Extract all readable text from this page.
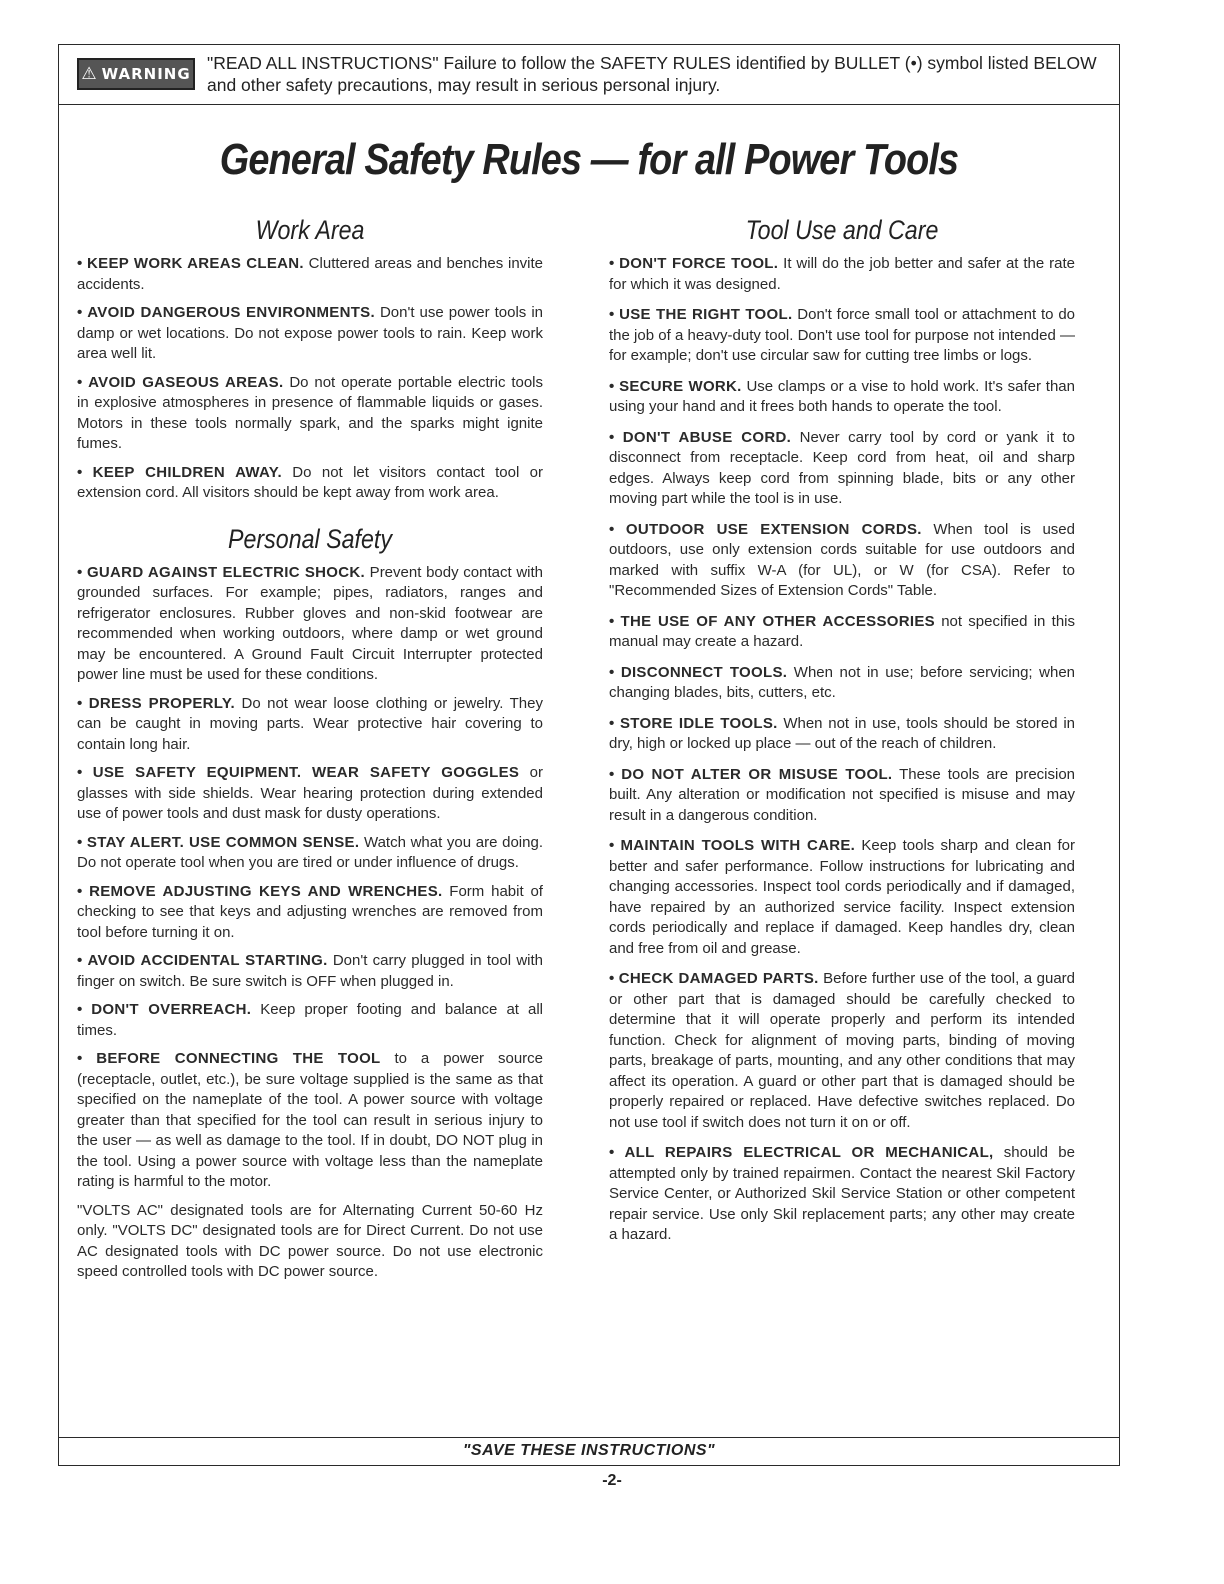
⚠ WARNING
"READ ALL INSTRUCTIONS" Failure to follow the SAFETY RULES identified by BULLET (•) symbol listed BELOW and other safety precautions, may result in serious personal injury.
General Safety Rules — for all Power Tools
Work Area

• KEEP WORK AREAS CLEAN. Cluttered areas and benches invite accidents.

• AVOID DANGEROUS ENVIRONMENTS. Don't use power tools in damp or wet locations. Do not expose power tools to rain. Keep work area well lit.

• AVOID GASEOUS AREAS. Do not operate portable electric tools in explosive atmospheres in presence of flammable liquids or gases. Motors in these tools normally spark, and the sparks might ignite fumes.

• KEEP CHILDREN AWAY. Do not let visitors contact tool or extension cord. All visitors should be kept away from work area.

Personal Safety

• GUARD AGAINST ELECTRIC SHOCK. Prevent body contact with grounded surfaces. For example; pipes, radiators, ranges and refrigerator enclosures. Rubber gloves and non-skid footwear are recommended when working outdoors, where damp or wet ground may be encountered. A Ground Fault Circuit Interrupter protected power line must be used for these conditions.

• DRESS PROPERLY. Do not wear loose clothing or jewelry. They can be caught in moving parts. Wear protective hair covering to contain long hair.

• USE SAFETY EQUIPMENT. WEAR SAFETY GOGGLES or glasses with side shields. Wear hearing protection during extended use of power tools and dust mask for dusty operations.

• STAY ALERT. USE COMMON SENSE. Watch what you are doing. Do not operate tool when you are tired or under influence of drugs.

• REMOVE ADJUSTING KEYS AND WRENCHES. Form habit of checking to see that keys and adjusting wrenches are removed from tool before turning it on.

• AVOID ACCIDENTAL STARTING. Don't carry plugged in tool with finger on switch. Be sure switch is OFF when plugged in.

• DON'T OVERREACH. Keep proper footing and balance at all times.

• BEFORE CONNECTING THE TOOL to a power source (receptacle, outlet, etc.), be sure voltage supplied is the same as that specified on the nameplate of the tool. A power source with voltage greater than that specified for the tool can result in serious injury to the user — as well as damage to the tool. If in doubt, DO NOT plug in the tool. Using a power source with voltage less than the nameplate rating is harmful to the motor.

"VOLTS AC" designated tools are for Alternating Current 50-60 Hz only. "VOLTS DC" designated tools are for Direct Current. Do not use AC designated tools with DC power source. Do not use electronic speed controlled tools with DC power source.

Tool Use and Care

• DON'T FORCE TOOL. It will do the job better and safer at the rate for which it was designed.

• USE THE RIGHT TOOL. Don't force small tool or attachment to do the job of a heavy-duty tool. Don't use tool for purpose not intended — for example; don't use circular saw for cutting tree limbs or logs.

• SECURE WORK. Use clamps or a vise to hold work. It's safer than using your hand and it frees both hands to operate the tool.

• DON'T ABUSE CORD. Never carry tool by cord or yank it to disconnect from receptacle. Keep cord from heat, oil and sharp edges. Always keep cord from spinning blade, bits or any other moving part while the tool is in use.

• OUTDOOR USE EXTENSION CORDS. When tool is used outdoors, use only extension cords suitable for use outdoors and marked with suffix W-A (for UL), or W (for CSA). Refer to "Recommended Sizes of Extension Cords" Table.

• THE USE OF ANY OTHER ACCESSORIES not specified in this manual may create a hazard.

• DISCONNECT TOOLS. When not in use; before servicing; when changing blades, bits, cutters, etc.

• STORE IDLE TOOLS. When not in use, tools should be stored in dry, high or locked up place — out of the reach of children.

• DO NOT ALTER OR MISUSE TOOL. These tools are precision built. Any alteration or modification not specified is misuse and may result in a dangerous condition.

• MAINTAIN TOOLS WITH CARE. Keep tools sharp and clean for better and safer performance. Follow instructions for lubricating and changing accessories. Inspect tool cords periodically and if damaged, have repaired by an authorized service facility. Inspect extension cords periodically and replace if damaged. Keep handles dry, clean and free from oil and grease.

• CHECK DAMAGED PARTS. Before further use of the tool, a guard or other part that is damaged should be carefully checked to determine that it will operate properly and perform its intended function. Check for alignment of moving parts, binding of moving parts, breakage of parts, mounting, and any other conditions that may affect its operation. A guard or other part that is damaged should be properly repaired or replaced. Have defective switches replaced. Do not use tool if switch does not turn it on or off.

• ALL REPAIRS ELECTRICAL OR MECHANICAL, should be attempted only by trained repairmen. Contact the nearest Skil Factory Service Center, or Authorized Skil Service Station or other competent repair service. Use only Skil replacement parts; any other may create a hazard.

"SAVE THESE INSTRUCTIONS"
-2-
